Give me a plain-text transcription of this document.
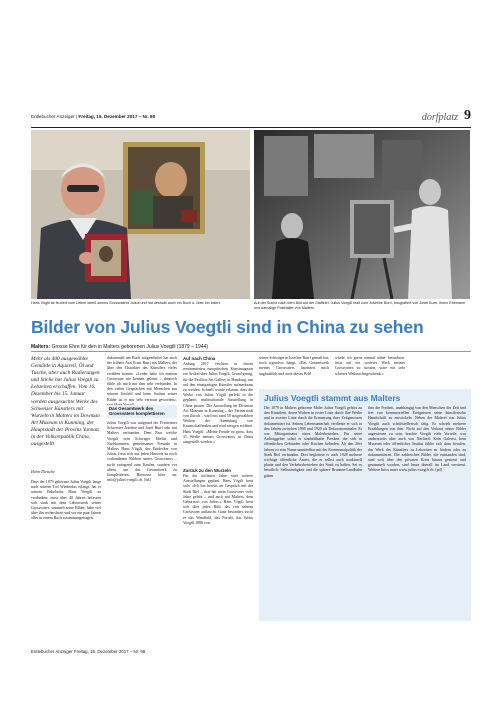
Entlebucher Anzeiger | Freitag, 15. Dezember 2017 – Nr. 98	dorfplatz 9
Hans Vögtli ist feuriert vom Leben weeß seines Grossvaters Julius und hat deshalb auch ein Buch ü- über ihn lotiert.	Auf der Suche nach dem Bild auf der Staffelei: Julius Voegtli malt zum Josefine Burri, fotografiert von Josef Burri, ihrem Ehemann und damalige Posthalter von Malters.
Bilder von Julius Voegtli sind in China zu sehen
Malters: Grosse Ehre für den in Malters geborenen Julius Voegtli (1879 – 1944)
Mehr als 400 ausgewählte Gemälde in Aquarell, Öl und Tusche, aber auch Radierungen und Stiche hat Julius Voegtli zu Lebzeiten erschaffen. Vom 16. Dezember bis 15. Januar werden ausgesuchte Werke des Schweizer Künstlers mit Wurzeln in Malters im Dowman Art Museum in Kunming, der Hauptstadt der Provinz Yunnan in der Volksrepublik China, ausgestellt.
Helen Dietsche
Dass der 1879 geborene Julius Voegtli lange nach seinem Tod Wiederdas erlangt, hat er seinem Enkelsohn Hans Voegtli zu verdanken: einst über 40 Jahren befassen sich stark mit dem Lebenswerk seines Grossvaters, sammelt seine Bilder, habe viel über ihn recherchiert und vor ein paar Jahren alles in einem Buch zusammengetragen.
dukationell am Buch mitgearbeitet hat auch der frühere Arzt Ernst Burri aus Malters, der über den Charakter des Künstlers vieles erzählen konnte. «Leider habe ich meinen Grossvater nie kennen gelernt – dennoch fühle ich mich mit ihm sehr verbunden. In den vielen Gesprächen mit Menschen aus seinem Umfeld und beim Suchen seiner Bilder ist er mir sehr vertraut geworden»,
Das Gesamtwerk des Grossvaters komplettieren
Julius Voegtli war aufgrund der Freizeitner Schwester Josefine und Josef Burri sehr mit Malters verbunden. Dem Paar welche Voegtli sein Schwager Ebelin und Nachkommen gemeinsamer Freunde in Malters Hans Vögtli, der Entdecker von Julius, freut sich auf jeden Hinweis zu noch vorhandenen Bildern seines Grossvaters – nicht zwingend zum Kaufen, sondern vor allem, um das Gesamtwerk zu komplettieren. Hinweise bitte an: info@julius-voegtli.ch. [hd]
Auf nach China
Anfang 2017 erschien in einem renommierten europäischen Kunstmagazin ein Artikel über Julius Voegtli. Grund genug, für die Pavilion Art Gallery in Hamburg, um auf den einzigartigen Künstler aufmerksam zu werden. Schnell wurde erkannt, dass die Werke von Julius Vögtli perfekt in die geplante, multinationale Ausstellung in China passen. Die Ausstellung im Dowman Art Museum in Kunming – der Partnerstadt von Zürich – wird mit rund 50 ausgewählten Werken der Sammlung von Kunstschaffenden und wird morgen eröffnet. Hans Voegtli: «Meine Freude ist gross, dass 31 Werke meines Grossvaters in China ausgestellt werden.»
Zurück zu den Wurzeln
Für die nächsten Jahre sind weitere Ausstellungen geplant. Hans Vögtli freut sich: «Ich bin bereits im Gespräch mit der Stadt Biel – dort hat mein Grossvater viele Jahre gelebt – und auch mit Malters, dem Geburtsort von Julius.» Hans Vögtli freut sich über jedes Bild, das von seinem Grossvater auftaucht. Ganz besonders sucht er das Wandbild, das Porträt, das Julius Voegtli 1886 von
seiner Schwägerin Josefine Burri gemalt hat, noch irgendwo hängt. «Das Gesamtwerk meines Grossvaters fasziniert mich unglaublich und auch dieses Bild
würde ich gerne einmal näher betrachten. Jetzt auf ein weiteres Werk meines Grossvaters zu stossen, wäre ein sehr schönes Weihnachtsgeschenk.»
Julius Voegtli stammt aus Malters
Der 1879 in Malters geborene Maler Julius Voegtli gehört zu den Künstlern, deren Wirken in erster Linie durch ihre Werke und in zweiter Linie durch die Erinnerung ihrer Zeitgenossen dokumentiert ist. Seinen Lebensunterhalt verdiente er sich in den Jahren zwischen 1900 und 1920 als Dekorationsmaler. Er war Mitorganisator eines Malerbetriebes. Für seine Auftraggeber schuf er sinnbildhafte Fresken, die sich in öffentlichen Gebäuden oder Kirchen befinden. Ab den 20er Jahren ist sein Name unmittelbar mit der Kommunalpolitik der Stadt Biel verbunden. Dort begleitete er auch 1928 mehrere wichtige öffentliche Ämter, die er selbst auch strukturell plante und den Verkehrsbetrieben der Stadt zu halfen. Sei es beruflich: Selbständigkeit und die spätere Brunnen-Landbahn gaben
ihm die Freiheit, unabhängig von den Menschen der Zeit und frei von kommerziellen Ereignissen seine künstlerische Handschrift zu entwickeln. Neben der Malerei war Julius Voegtli auch schriftstellerisch tätig. Er schrieb mehrere Erzählungen von ihm. Nicht auf den Verkauf seiner Bilder angewiesen zu sein, brachte Voegtli viele Vorteile, war andererseits aber auch von Nachteil: Kein Galerist, kein Museum oder öffentliches Institut fühlte sich dazu berufen, das Werk des Künstlers zu Lebzeiten zu fördern oder zu dokumentieren. Die zahlreichen Bilder, die entstanden sind, sind weit über den privaten Kreis hinaus gestreut und gesammelt worden, sind heute überall im Land verstreut. Weitere Infos unter www.julius-voegtli.ch. [pd]
Entlebucher Anzeiger Freitag, 15. Dezember 2017 – Nr. 98
